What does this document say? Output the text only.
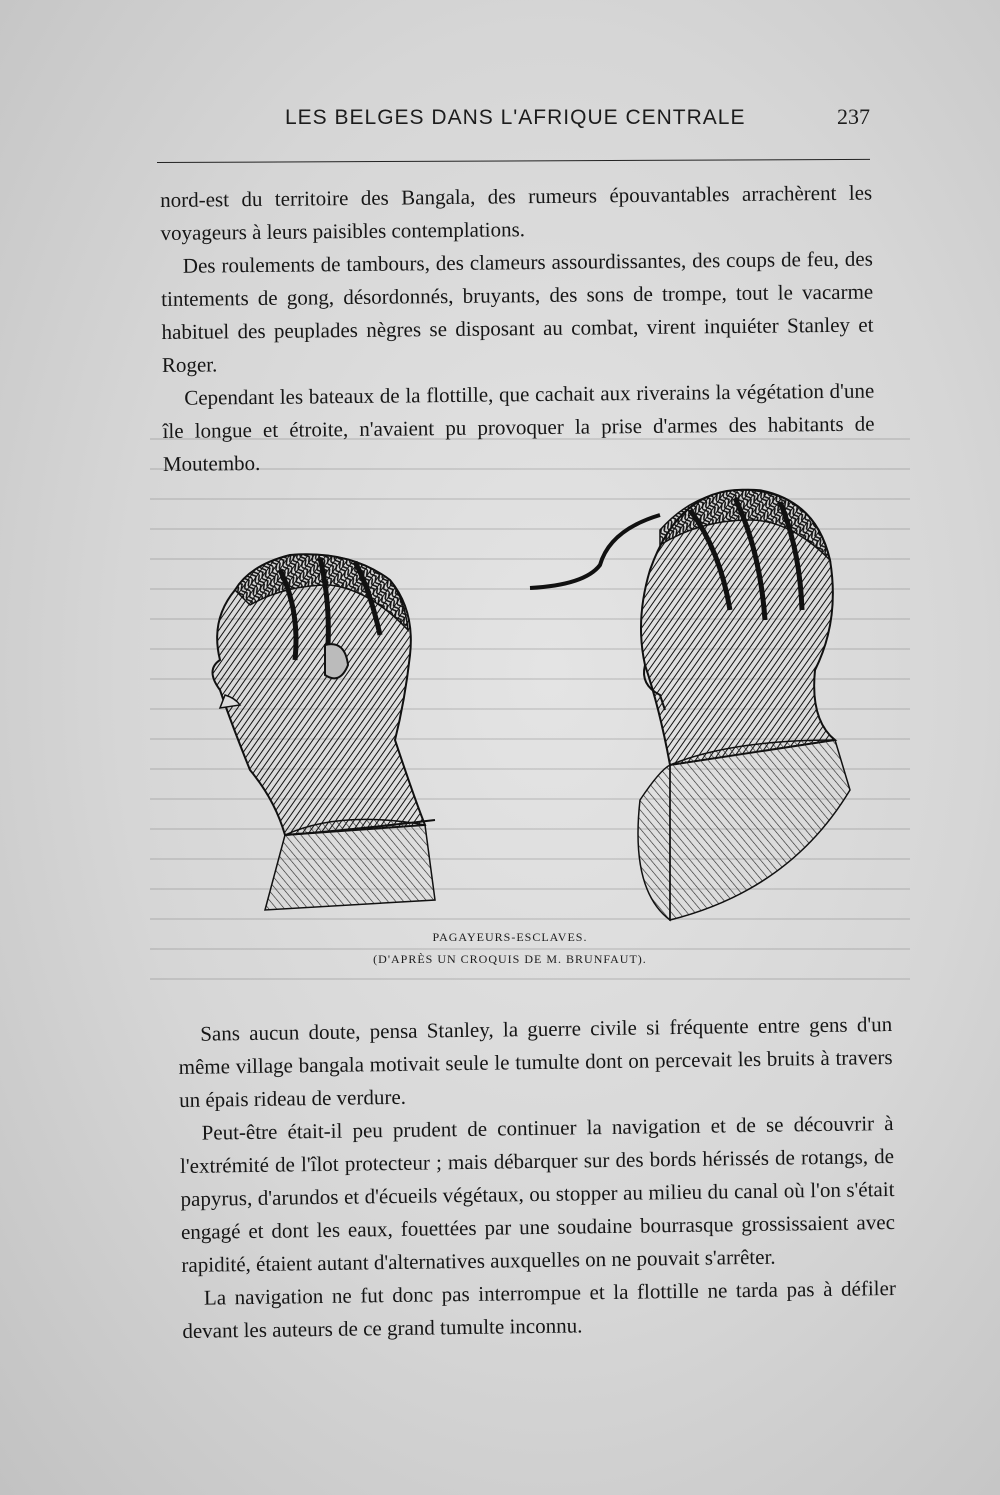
LES BELGES DANS L'AFRIQUE CENTRALE	237

nord-est du territoire des Bangala, des rumeurs épouvantables arrachèrent les voyageurs à leurs paisibles contemplations.

Des roulements de tambours, des clameurs assourdissantes, des coups de feu, des tintements de gong, désordonnés, bruyants, des sons de trompe, tout le vacarme habituel des peuplades nègres se disposant au combat, virent inquiéter Stanley et Roger.

Cependant les bateaux de la flottille, que cachait aux riverains la végétation d'une île longue et étroite, n'avaient pu provoquer la prise d'armes des habitants de Moutembo.

PAGAYEURS-ESCLAVES.
(D'APRÈS UN CROQUIS DE M. BRUNFAUT).

Sans aucun doute, pensa Stanley, la guerre civile si fréquente entre gens d'un même village bangala motivait seule le tumulte dont on percevait les bruits à travers un épais rideau de verdure.

Peut-être était-il peu prudent de continuer la navigation et de se découvrir à l'extrémité de l'îlot protecteur ; mais débarquer sur des bords hérissés de rotangs, de papyrus, d'arundos et d'écueils végétaux, ou stopper au milieu du canal où l'on s'était engagé et dont les eaux, fouettées par une soudaine bourrasque grossissaient avec rapidité, étaient autant d'alternatives auxquelles on ne pouvait s'arrêter.

La navigation ne fut donc pas interrompue et la flottille ne tarda pas à défiler devant les auteurs de ce grand tumulte inconnu.
